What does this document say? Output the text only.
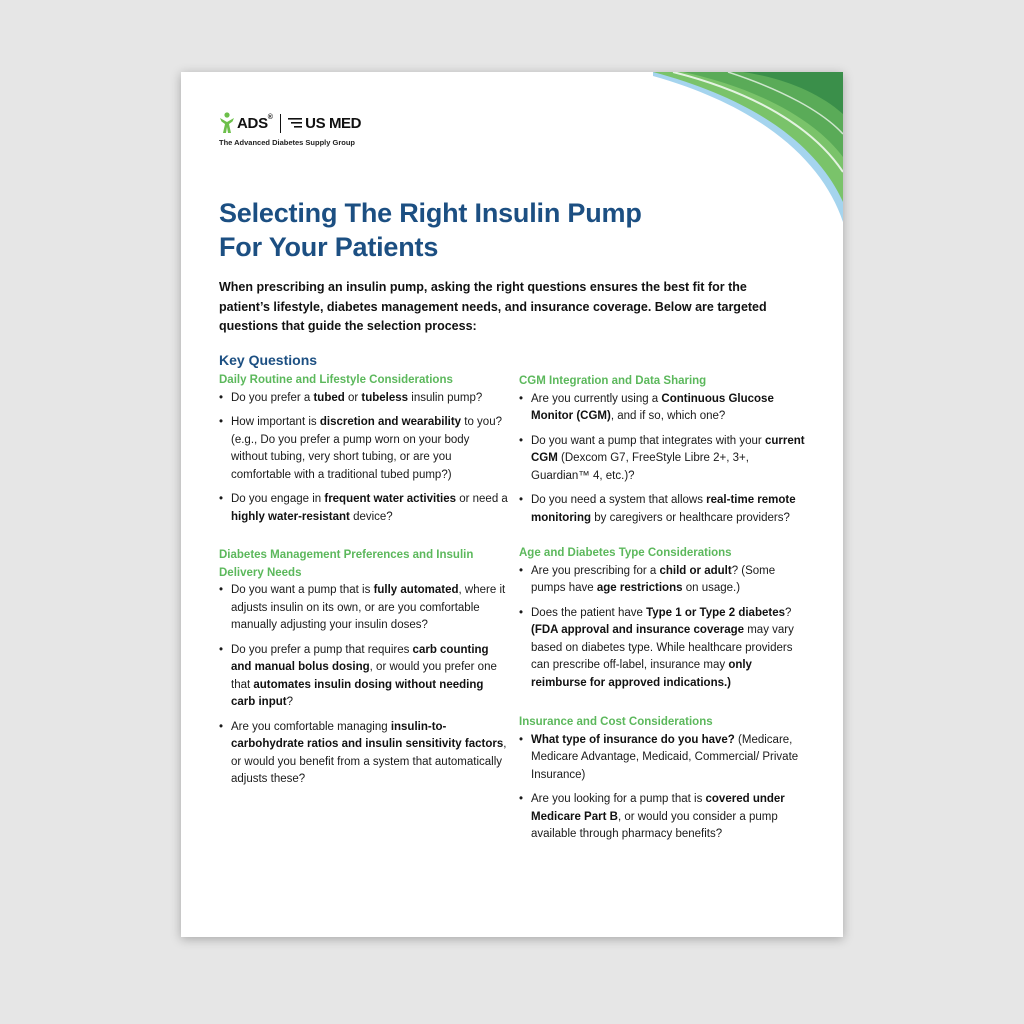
ADS® US MED
The Advanced Diabetes Supply Group
Selecting The Right Insulin Pump
For Your Patients

When prescribing an insulin pump, asking the right questions ensures the best fit for the patient’s lifestyle, diabetes management needs, and insurance coverage. Below are targeted questions that guide the selection process:

Key Questions
Daily Routine and Lifestyle Considerations
• Do you prefer a tubed or tubeless insulin pump?
• How important is discretion and wearability to you? (e.g., Do you prefer a pump worn on your body without tubing, very short tubing, or are you comfortable with a traditional tubed pump?)
• Do you engage in frequent water activities or need a highly water-resistant device?
Diabetes Management Preferences and Insulin Delivery Needs
• Do you want a pump that is fully automated, where it adjusts insulin on its own, or are you comfortable manually adjusting your insulin doses?
• Do you prefer a pump that requires carb counting and manual bolus dosing, or would you prefer one that automates insulin dosing without needing carb input?
• Are you comfortable managing insulin-to-carbohydrate ratios and insulin sensitivity factors, or would you benefit from a system that automatically adjusts these?
CGM Integration and Data Sharing
• Are you currently using a Continuous Glucose Monitor (CGM), and if so, which one?
• Do you want a pump that integrates with your current CGM (Dexcom G7, FreeStyle Libre 2+, 3+, Guardian™ 4, etc.)?
• Do you need a system that allows real-time remote monitoring by caregivers or healthcare providers?
Age and Diabetes Type Considerations
• Are you prescribing for a child or adult? (Some pumps have age restrictions on usage.)
• Does the patient have Type 1 or Type 2 diabetes? (FDA approval and insurance coverage may vary based on diabetes type. While healthcare providers can prescribe off-label, insurance may only reimburse for approved indications.)
Insurance and Cost Considerations
• What type of insurance do you have? (Medicare, Medicare Advantage, Medicaid, Commercial/ Private Insurance)
• Are you looking for a pump that is covered under Medicare Part B, or would you consider a pump available through pharmacy benefits?
